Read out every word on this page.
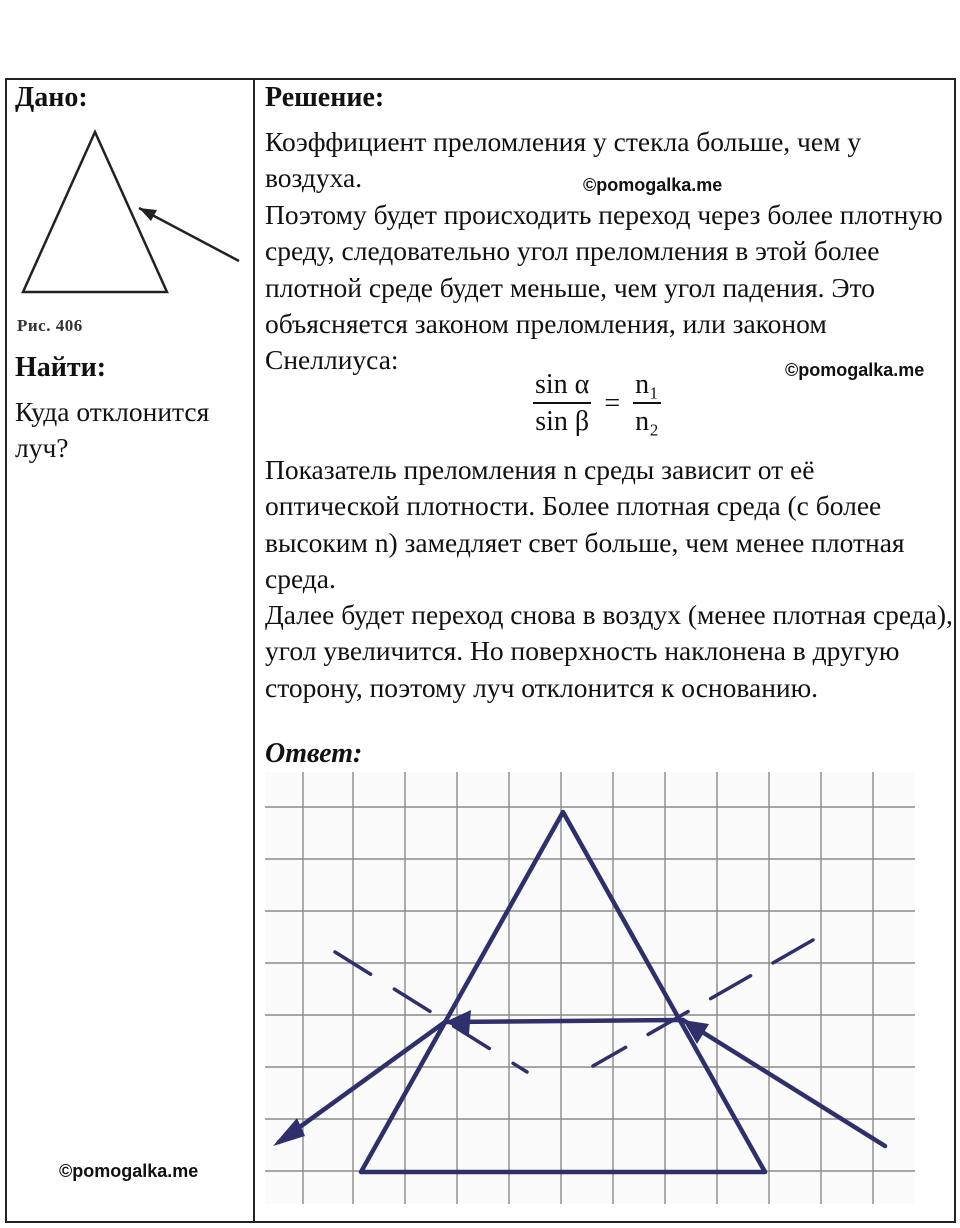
Дано:
Рис. 406
Найти:
Куда отклонится луч?
©pomogalka.me
Решение:
Коэффициент преломления у стекла больше, чем у воздуха.	©pomogalka.me
Поэтому будет происходить переход через более плотную среду, следовательно угол преломления в этой более плотной среде будет меньше, чем угол падения. Это объясняется законом преломления, или законом Снеллиуса:	©pomogalka.me
$\frac{\text{sin α}}{\text{sin β}} = \frac{\text{n₁}}{\text{n₂}}$
Показатель преломления n среды зависит от её оптической плотности. Более плотная среда (с более высоким n) замедляет свет больше, чем менее плотная среда.
Далее будет переход снова в воздух (менее плотная среда), угол увеличится. Но поверхность наклонена в другую сторону, поэтому луч отклонится к основанию.
Ответ:
